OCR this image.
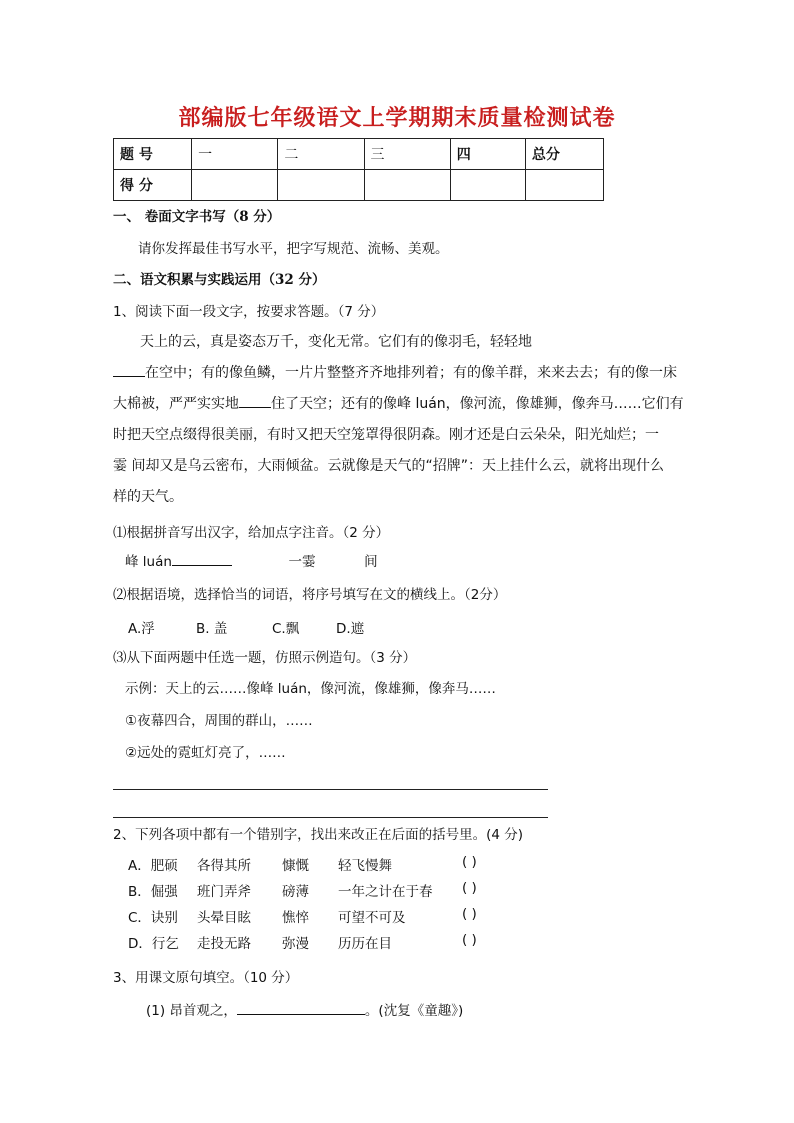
部编版七年级语文上学期期末质量检测试卷
题 号	一	二	三	四	总分
得 分					
一、 卷面文字书写（8 分）
请你发挥最佳书写水平，把字写规范、流畅、美观。
二、语文积累与实践运用（32 分）
1、阅读下面一段文字，按要求答题。（7 分）
天上的云，真是姿态万千，变化无常。它们有的像羽毛，轻轻地
在空中；有的像鱼鳞，一片片整整齐齐地排列着；有的像羊群，来来去去；有的像一床
大棉被，严严实实地 住了天空；还有的像峰 luán，像河流，像雄狮，像奔马……它们有
时把天空点缀得很美丽，有时又把天空笼罩得很阴森。刚才还是白云朵朵，阳光灿烂；一
霎 间却又是乌云密布，大雨倾盆。云就像是天气的“招牌”：天上挂什么云，就将出现什么
样的天气。
⑴根据拼音写出汉字，给加点字注音。（2 分）
峰 luán	一霎	间
⑵根据语境，选择恰当的词语，将序号填写在文的横线上。（2分）
A.浮	B. 盖	C.飘	D.遮
⑶从下面两题中任选一题，仿照示例造句。（3 分）
示例：天上的云……像峰 luán，像河流，像雄狮，像奔马……
①夜幕四合，周围的群山，……
②远处的霓虹灯亮了，……
2、下列各项中都有一个错别字，找出来改正在后面的括号里。(4 分)
A．肥硕 各得其所 慷慨 轻飞慢舞	( )
B．倔强 班门弄斧 磅薄 一年之计在于春 ( )
C．诀别 头晕目眩 憔悴 可望不可及	( )
D．行乞 走投无路 弥漫 历历在目	( )
3、用课文原句填空。（10 分）
(1) 昂首观之，	。(沈复《童趣》)
